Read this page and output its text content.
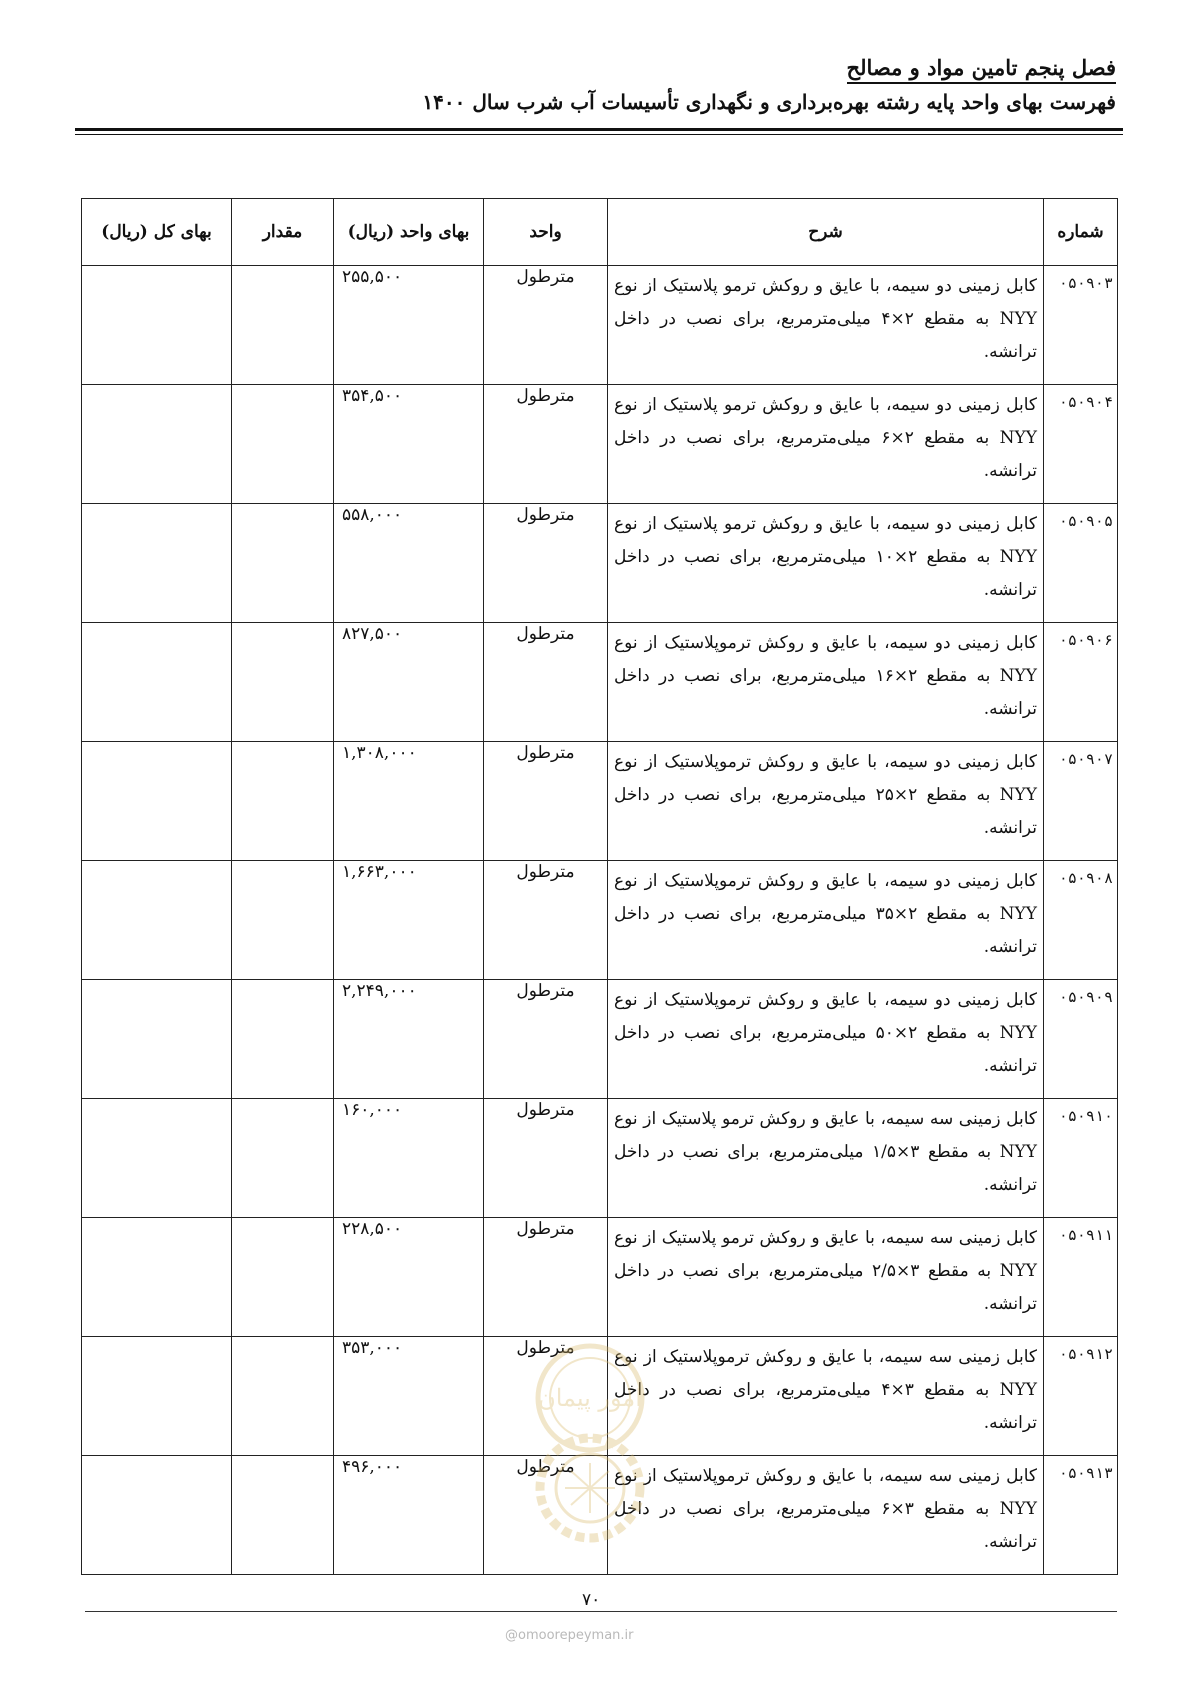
فصل پنجم تامین مواد و مصالح
فهرست بهای واحد پایه رشته بهره‌برداری و نگهداری تأسیسات آب شرب سال ۱۴۰۰
شماره	شرح	واحد	بهای واحد (ریال)	مقدار	بهای کل (ریال)
۰۵۰۹۰۳	کابل زمینی دو سیمه، با عایق و روکش ترمو پلاستیک از نوع NYY به مقطع ۲×۴ میلی‌مترمربع، برای نصب در داخل ترانشه.	مترطول	۲۵۵,۵۰۰		
۰۵۰۹۰۴	کابل زمینی دو سیمه، با عایق و روکش ترمو پلاستیک از نوع NYY به مقطع ۲×۶ میلی‌مترمربع، برای نصب در داخل ترانشه.	مترطول	۳۵۴,۵۰۰		
۰۵۰۹۰۵	کابل زمینی دو سیمه، با عایق و روکش ترمو پلاستیک از نوع NYY به مقطع ۲×۱۰ میلی‌مترمربع، برای نصب در داخل ترانشه.	مترطول	۵۵۸,۰۰۰		
۰۵۰۹۰۶	کابل زمینی دو سیمه، با عایق و روکش ترموپلاستیک از نوع NYY به مقطع ۲×۱۶ میلی‌مترمربع، برای نصب در داخل ترانشه.	مترطول	۸۲۷,۵۰۰		
۰۵۰۹۰۷	کابل زمینی دو سیمه، با عایق و روکش ترموپلاستیک از نوع NYY به مقطع ۲×۲۵ میلی‌مترمربع، برای نصب در داخل ترانشه.	مترطول	۱,۳۰۸,۰۰۰		
۰۵۰۹۰۸	کابل زمینی دو سیمه، با عایق و روکش ترموپلاستیک از نوع NYY به مقطع ۲×۳۵ میلی‌مترمربع، برای نصب در داخل ترانشه.	مترطول	۱,۶۶۳,۰۰۰		
۰۵۰۹۰۹	کابل زمینی دو سیمه، با عایق و روکش ترموپلاستیک از نوع NYY به مقطع ۲×۵۰ میلی‌مترمربع، برای نصب در داخل ترانشه.	مترطول	۲,۲۴۹,۰۰۰		
۰۵۰۹۱۰	کابل زمینی سه سیمه، با عایق و روکش ترمو پلاستیک از نوع NYY به مقطع ۳×۱/۵ میلی‌مترمربع، برای نصب در داخل ترانشه.	مترطول	۱۶۰,۰۰۰		
۰۵۰۹۱۱	کابل زمینی سه سیمه، با عایق و روکش ترمو پلاستیک از نوع NYY به مقطع ۳×۲/۵ میلی‌مترمربع، برای نصب در داخل ترانشه.	مترطول	۲۲۸,۵۰۰		
۰۵۰۹۱۲	کابل زمینی سه سیمه، با عایق و روکش ترموپلاستیک از نوع NYY به مقطع ۳×۴ میلی‌مترمربع، برای نصب در داخل ترانشه.	مترطول	۳۵۳,۰۰۰		
۰۵۰۹۱۳	کابل زمینی سه سیمه، با عایق و روکش ترموپلاستیک از نوع NYY به مقطع ۳×۶ میلی‌مترمربع، برای نصب در داخل ترانشه.	مترطول	۴۹۶,۰۰۰		
امور پیمان
۷۰
@omoorepeyman.ir
